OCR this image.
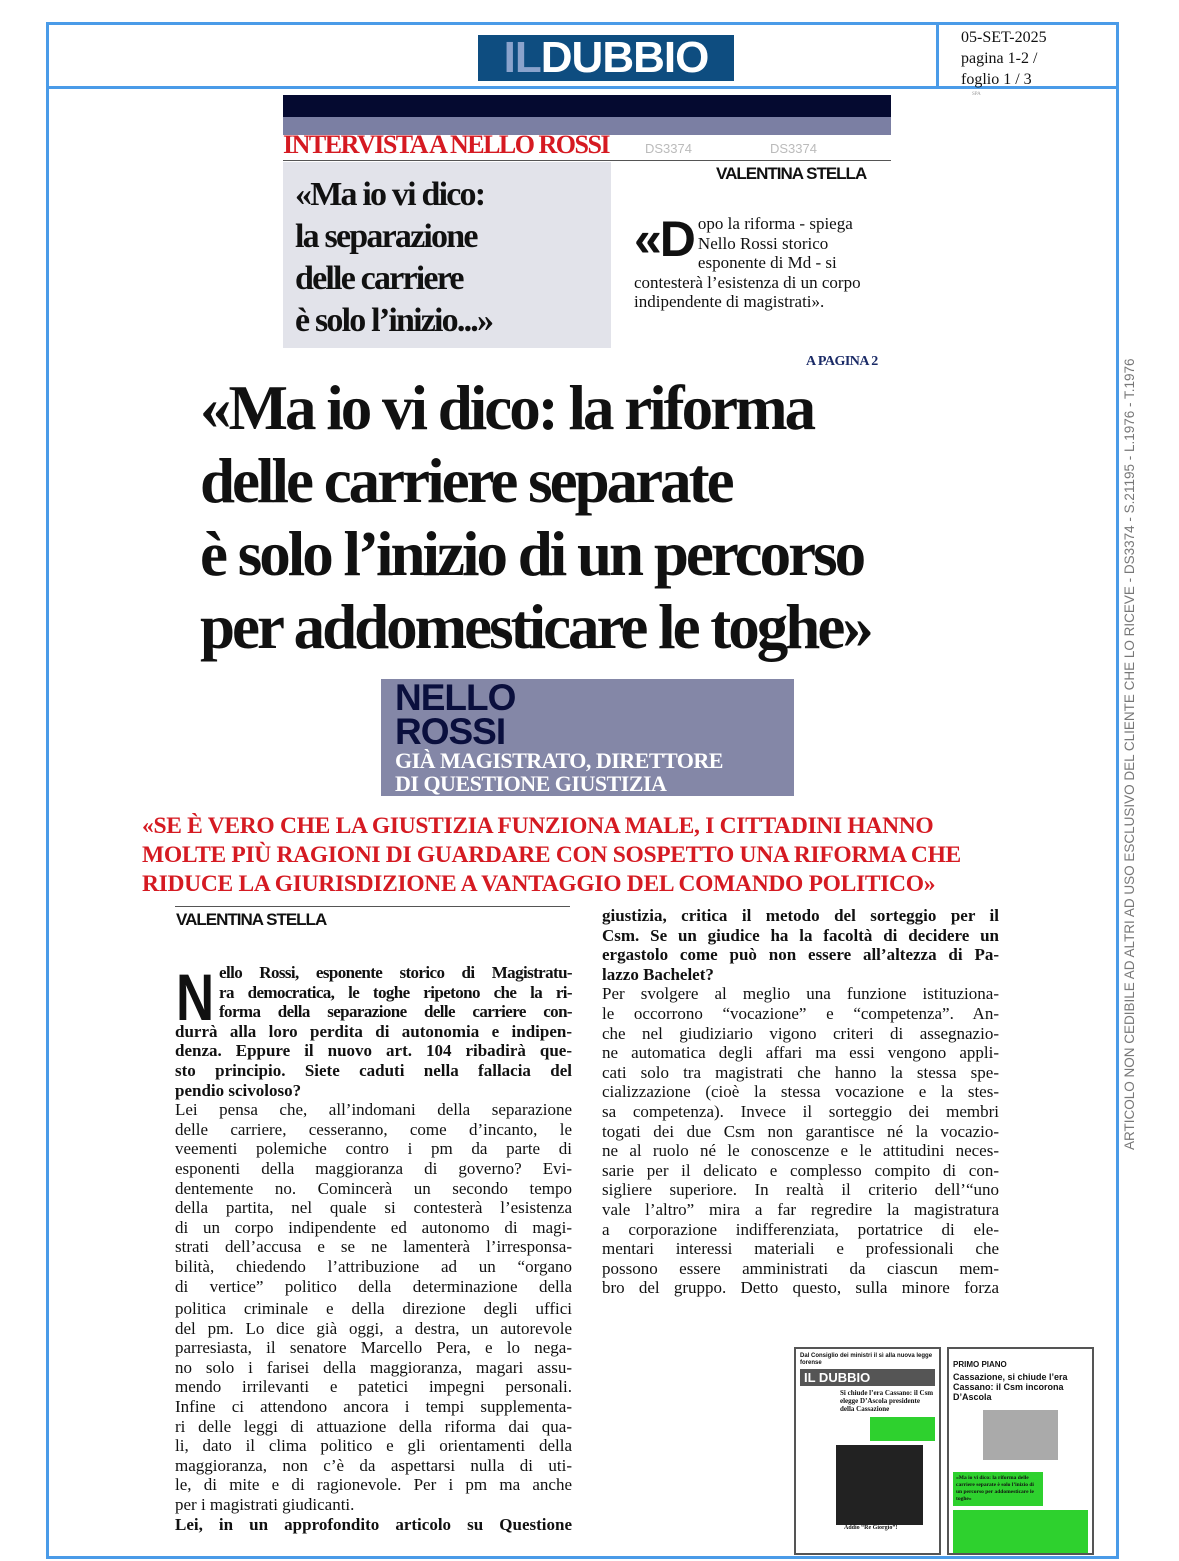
IL DUBBIO	05-SET-2025
pagina 1-2 /
foglio 1 / 3
SPA
ARTICOLO NON CEDIBILE AD ALTRI AD USO ESCLUSIVO DEL CLIENTE CHE LO RICEVE - DS3374 - S.21195 - L.1976 - T.1976
INTERVISTA A NELLO ROSSI	DS3374	DS3374
«Ma io vi dico:
la separazione
delle carriere
è solo l’inizio...»
VALENTINA STELLA
«Dopo la riforma - spiega Nello Rossi storico esponente di Md - si contesterà l’esistenza di un corpo indipendente di magistrati».
A PAGINA 2
«Ma io vi dico: la riforma
delle carriere separate
è solo l’inizio di un percorso
per addomesticare le toghe»
NELLO
ROSSI
GIÀ MAGISTRATO, DIRETTORE
DI QUESTIONE GIUSTIZIA
«SE È VERO CHE LA GIUSTIZIA FUNZIONA MALE, I CITTADINI HANNO
MOLTE PIÙ RAGIONI DI GUARDARE CON SOSPETTO UNA RIFORMA CHE
RIDUCE LA GIURISDIZIONE A VANTAGGIO DEL COMANDO POLITICO»
VALENTINA STELLA
N ello Rossi, esponente storico di Magistratu-
ra democratica, le toghe ripetono che la ri-
forma della separazione delle carriere con-
durrà alla loro perdita di autonomia e indipen-
denza. Eppure il nuovo art. 104 ribadirà que-
sto principio. Siete caduti nella fallacia del
pendio scivoloso?
Lei pensa che, all’indomani della separazione
delle carriere, cesseranno, come d’incanto, le
veementi polemiche contro i pm da parte di
esponenti della maggioranza di governo? Evi-
dentemente no. Comincerà un secondo tempo
della partita, nel quale si contesterà l’esistenza
di un corpo indipendente ed autonomo di magi-
strati dell’accusa e se ne lamenterà l’irresponsa-
bilità, chiedendo l’attribuzione ad un “organo
di vertice” politico della determinazione della
politica criminale e della direzione degli uffici
del pm. Lo dice già oggi, a destra, un autorevole
parresiasta, il senatore Marcello Pera, e lo nega-
no solo i farisei della maggioranza, magari assu-
mendo irrilevanti e patetici impegni personali.
Infine ci attendono ancora i tempi supplementa-
ri delle leggi di attuazione della riforma dai qua-
li, dato il clima politico e gli orientamenti della
maggioranza, non c’è da aspettarsi nulla di uti-
le, di mite e di ragionevole. Per i pm ma anche
per i magistrati giudicanti.
Lei, in un approfondito articolo su Questione
giustizia, critica il metodo del sorteggio per il
Csm. Se un giudice ha la facoltà di decidere un
ergastolo come può non essere all’altezza di Pa-
lazzo Bachelet?
Per svolgere al meglio una funzione istituziona-
le occorrono “vocazione” e “competenza”. An-
che nel giudiziario vigono criteri di assegnazio-
ne automatica degli affari ma essi vengono appli-
cati solo tra magistrati che hanno la stessa spe-
cializzazione (cioè la stessa vocazione e la stes-
sa competenza). Invece il sorteggio dei membri
togati dei due Csm non garantisce né la vocazio-
ne al ruolo né le conoscenze e le attitudini neces-
sarie per il delicato e complesso compito di con-
sigliere superiore. In realtà il criterio dell’“uno
vale l’altro” mira a far regredire la magistratura
a corporazione indifferenziata, portatrice di ele-
mentari interessi materiali e professionali che
possono essere amministrati da ciascun mem-
bro del gruppo. Detto questo, sulla minore forza
Dal Consiglio dei ministri il sì alla nuova legge forense
IL DUBBIO
Si chiude l’era Cassano: il Csm elegge D’Ascola presidente della Cassazione
Addio “Re Giorgio”!
PRIMO PIANO
Cassazione, si chiude l’era Cassano: il Csm incorona D’Ascola
«Ma io vi dico: la riforma delle carriere separate è solo l’inizio di un percorso per addomesticare le toghe»
